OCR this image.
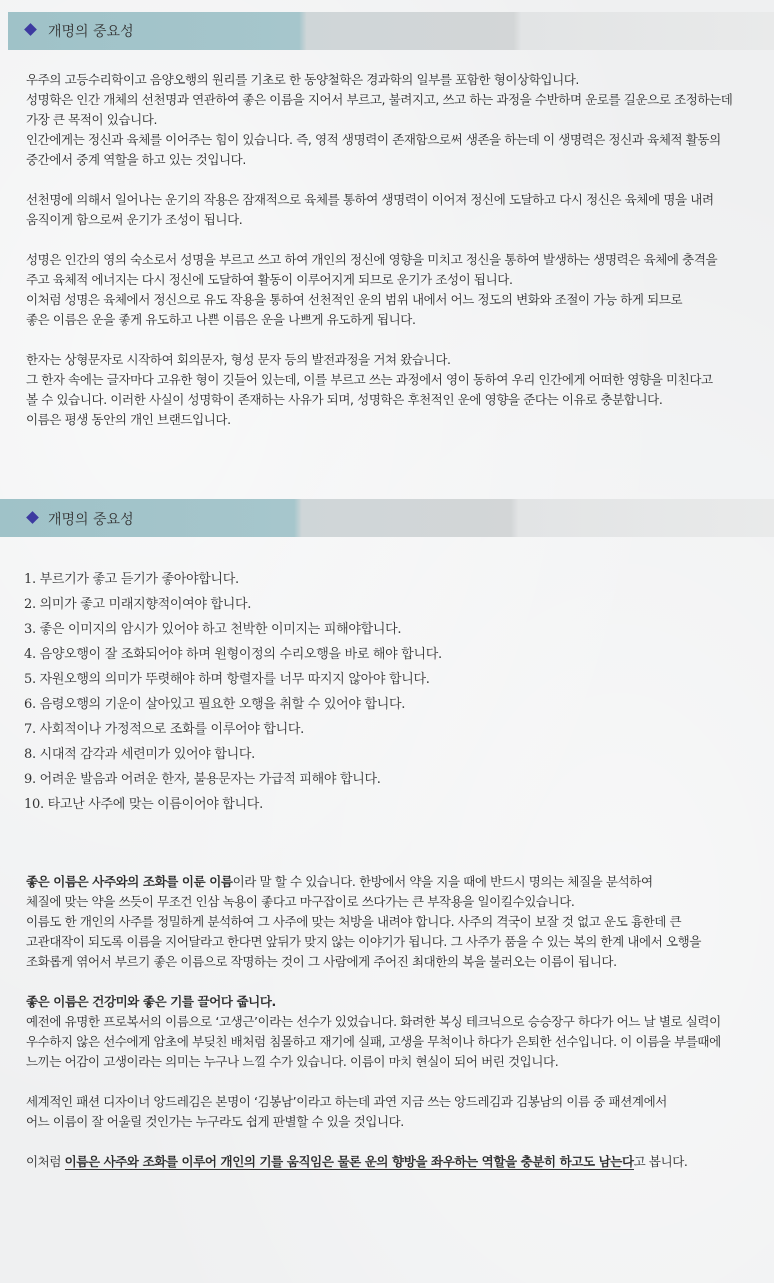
개명의 중요성
우주의 고등수리학이고 음양오행의 원리를 기초로 한 동양철학은 경과학의 일부를 포함한 형이상학입니다.
성명학은 인간 개체의 선천명과 연관하여 좋은 이름을 지어서 부르고, 불려지고, 쓰고 하는 과정을 수반하며 운로를 길운으로 조정하는데
가장 큰 목적이 있습니다.
인간에게는 정신과 육체를 이어주는 힘이 있습니다. 즉, 영적 생명력이 존재함으로써 생존을 하는데 이 생명력은 정신과 육체적 활동의
중간에서 중계 역할을 하고 있는 것입니다.
선천명에 의해서 일어나는 운기의 작용은 잠재적으로 육체를 통하여 생명력이 이어져 정신에 도달하고 다시 정신은 육체에 명을 내려
움직이게 함으로써 운기가 조성이 됩니다.
성명은 인간의 영의 숙소로서 성명을 부르고 쓰고 하여 개인의 정신에 영향을 미치고 정신을 통하여 발생하는 생명력은 육체에 충격을
주고 육체적 에너지는 다시 정신에 도달하여 활동이 이루어지게 되므로 운기가 조성이 됩니다.
이처럼 성명은 육체에서 정신으로 유도 작용을 통하여 선천적인 운의 범위 내에서 어느 정도의 변화와 조절이 가능 하게 되므로
좋은 이름은 운을 좋게 유도하고 나쁜 이름은 운을 나쁘게 유도하게 됩니다.
한자는 상형문자로 시작하여 회의문자, 형성 문자 등의 발전과정을 거쳐 왔습니다.
그 한자 속에는 글자마다 고유한 형이 깃들어 있는데, 이를 부르고 쓰는 과정에서 영이 동하여 우리 인간에게 어떠한 영향을 미친다고
볼 수 있습니다. 이러한 사실이 성명학이 존재하는 사유가 되며, 성명학은 후천적인 운에 영향을 준다는 이유로 충분합니다.
이름은 평생 동안의 개인 브랜드입니다.
개명의 중요성
1. 부르기가 좋고 듣기가 좋아야합니다.
2. 의미가 좋고 미래지향적이여야 합니다.
3. 좋은 이미지의 암시가 있어야 하고 천박한 이미지는 피해야합니다.
4. 음양오행이 잘 조화되어야 하며 원형이정의 수리오행을 바로 해야 합니다.
5. 자원오행의 의미가 뚜렷해야 하며 항렬자를 너무 따지지 않아야 합니다.
6. 음령오행의 기운이 살아있고 필요한 오행을 취할 수 있어야 합니다.
7. 사회적이나 가정적으로 조화를 이루어야 합니다.
8. 시대적 감각과 세련미가 있어야 합니다.
9. 어려운 발음과 어려운 한자, 불용문자는 가급적 피해야 합니다.
10. 타고난 사주에 맞는 이름이어야 합니다.
좋은 이름은 사주와의 조화를 이룬 이름이라 말 할 수 있습니다. 한방에서 약을 지을 때에 반드시 명의는 체질을 분석하여
체질에 맞는 약을 쓰듯이 무조건 인삼 녹용이 좋다고 마구잡이로 쓰다가는 큰 부작용을 일이킬수있습니다.
이름도 한 개인의 사주를 정밀하게 분석하여 그 사주에 맞는 처방을 내려야 합니다. 사주의 격국이 보잘 것 없고 운도 흉한데 큰
고관대작이 되도록 이름을 지어달라고 한다면 앞뒤가 맞지 않는 이야기가 됩니다. 그 사주가 품을 수 있는 복의 한계 내에서 오행을
조화롭게 엮어서 부르기 좋은 이름으로 작명하는 것이 그 사람에게 주어진 최대한의 복을 불러오는 이름이 됩니다.
좋은 이름은 건강미와 좋은 기를 끌어다 줍니다.
예전에 유명한 프로복서의 이름으로 ‘고생근’이라는 선수가 있었습니다. 화려한 복싱 테크닉으로 승승장구 하다가 어느 날 별로 실력이
우수하지 않은 선수에게 암초에 부딪친 배처럼 침몰하고 재기에 실패, 고생을 무척이나 하다가 은퇴한 선수입니다. 이 이름을 부를때에
느끼는 어감이 고생이라는 의미는 누구나 느낄 수가 있습니다. 이름이 마치 현실이 되어 버린 것입니다.
세계적인 패션 디자이너 앙드레김은 본명이 ‘김봉남’이라고 하는데 과연 지금 쓰는 앙드레김과 김봉남의 이름 중 패션계에서
어느 이름이 잘 어울릴 것인가는 누구라도 쉽게 판별할 수 있을 것입니다.
이처럼 이름은 사주와 조화를 이루어 개인의 기를 움직임은 물론 운의 향방을 좌우하는 역할을 충분히 하고도 남는다고 봅니다.
